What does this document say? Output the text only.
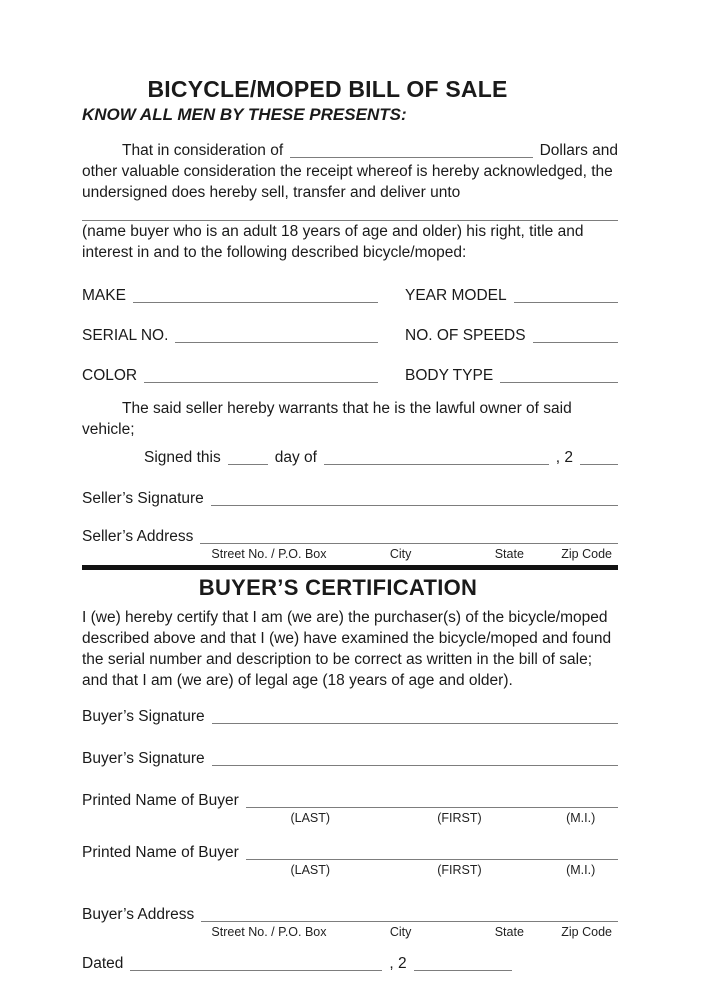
BICYCLE/MOPED BILL OF SALE
KNOW ALL MEN BY THESE PRESENTS:
That in consideration of	Dollars and

other valuable consideration the receipt whereof is hereby acknowledged, the undersigned does hereby sell, transfer and deliver unto

(name buyer who is an adult 18 years of age and older) his right, title and interest in and to the following described bicycle/moped:

MAKE	YEAR MODEL
SERIAL NO.	NO. OF SPEEDS
COLOR	BODY TYPE

The said seller hereby warrants that he is the lawful owner of said vehicle;

Signed this	day of	, 2
Seller’s Signature
Seller’s Address
Street No. / P.O. Box	City	State	Zip Code
BUYER’S CERTIFICATION

I (we) hereby certify that I am (we are) the purchaser(s) of the bicycle/moped described above and that I (we) have examined the bicycle/moped and found the serial number and description to be correct as written in the bill of sale; and that I am (we are) of legal age (18 years of age and older).

Buyer’s Signature
Buyer’s Signature
Printed Name of Buyer
(LAST)	(FIRST)	(M.I.)
Printed Name of Buyer
(LAST)	(FIRST)	(M.I.)
Buyer’s Address
Street No. / P.O. Box	City	State	Zip Code
Dated	, 2
